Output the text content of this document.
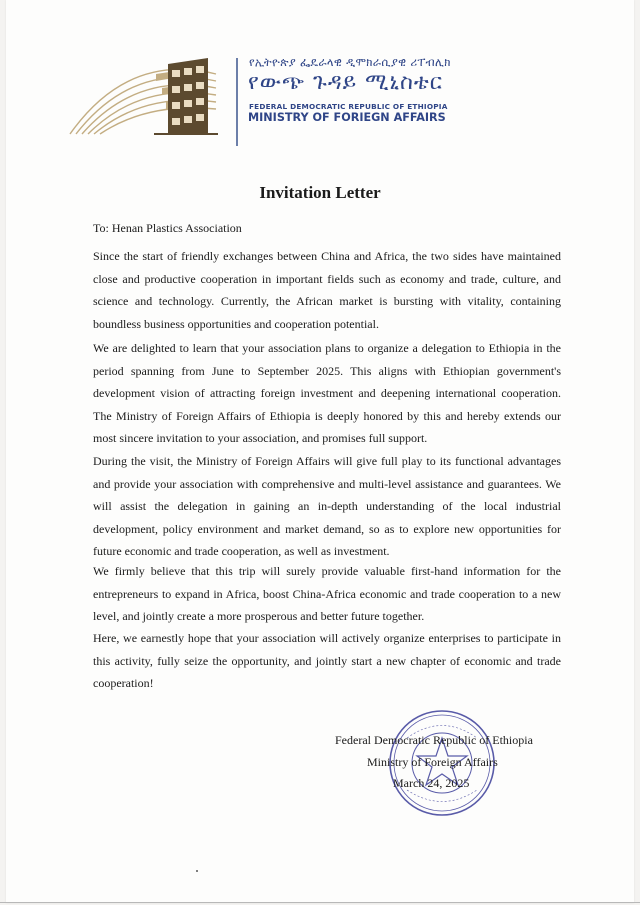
የኢትዮጵያ ፌዴራላዊ ዲሞክራሲያዊ ሪፐብሊክ
የውጭ ጉዳይ ሚኒስቴር
FEDERAL DEMOCRATIC REPUBLIC OF ETHIOPIA
MINISTRY OF FORIEGN AFFAIRS
Invitation Letter
To: Henan Plastics Association

Since the start of friendly exchanges between China and Africa, the two sides have maintained close and productive cooperation in important fields such as economy and trade, culture, and science and technology. Currently, the African market is bursting with vitality, containing boundless business opportunities and cooperation potential.

We are delighted to learn that your association plans to organize a delegation to Ethiopia in the period spanning from June to September 2025. This aligns with Ethiopian government's development vision of attracting foreign investment and deepening international cooperation. The Ministry of Foreign Affairs of Ethiopia is deeply honored by this and hereby extends our most sincere invitation to your association, and promises full support.

During the visit, the Ministry of Foreign Affairs will give full play to its functional advantages and provide your association with comprehensive and multi-level assistance and guarantees. We will assist the delegation in gaining an in-depth understanding of the local industrial development, policy environment and market demand, so as to explore new opportunities for future economic and trade cooperation, as well as investment.

We firmly believe that this trip will surely provide valuable first-hand information for the entrepreneurs to expand in Africa, boost China-Africa economic and trade cooperation to a new level, and jointly create a more prosperous and better future together.

Here, we earnestly hope that your association will actively organize enterprises to participate in this activity, fully seize the opportunity, and jointly start a new chapter of economic and trade cooperation!

Federal Democratic Republic of Ethiopia
Ministry of Foreign Affairs
March 24, 2025
